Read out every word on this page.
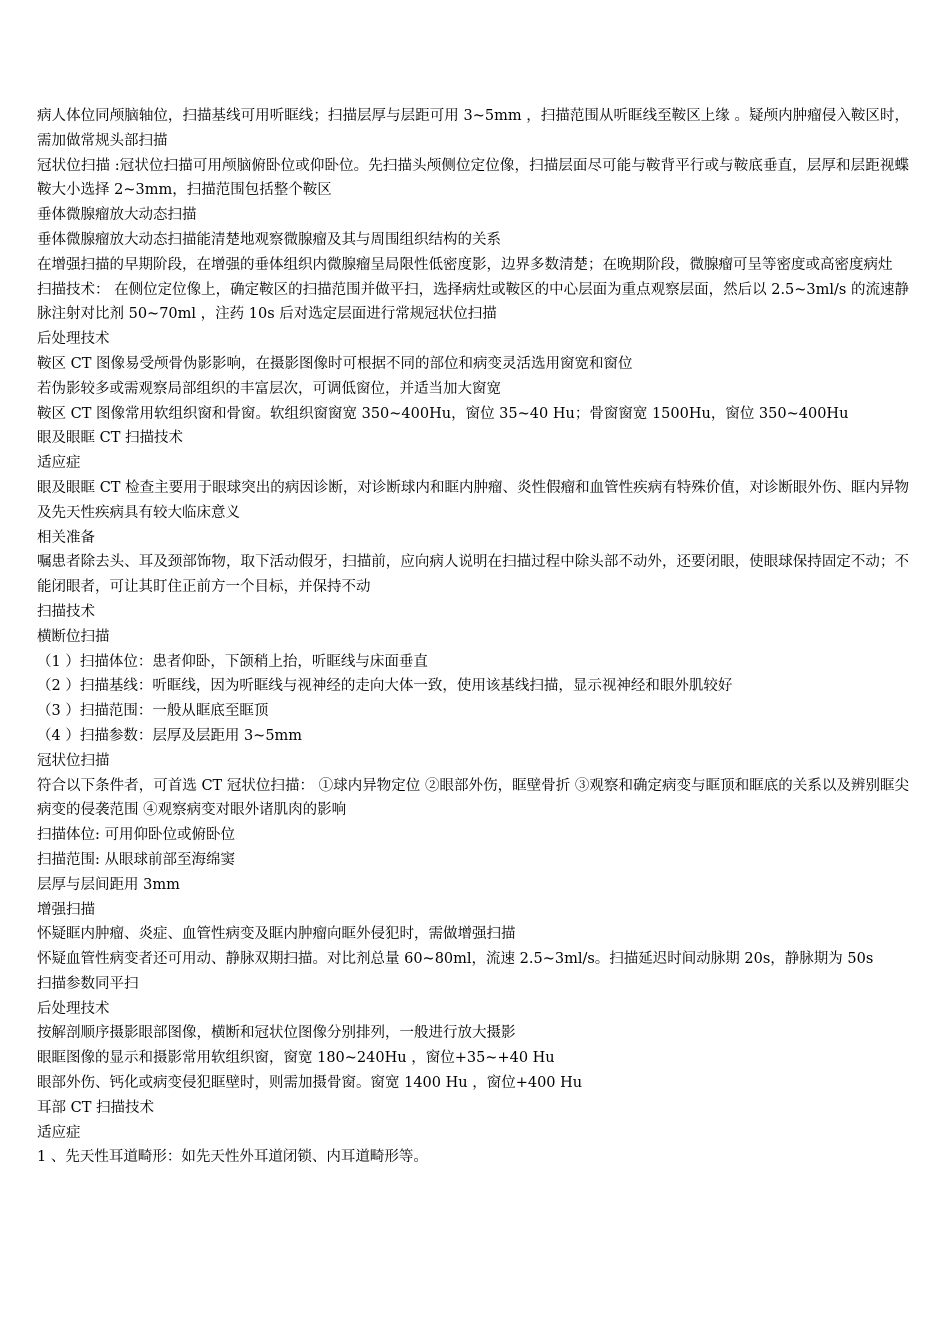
病人体位同颅脑轴位，扫描基线可用听眶线；扫描层厚与层距可用 3~5mm ，扫描范围从听眶线至鞍区上缘 。疑颅内肿瘤侵入鞍区时，需加做常规头部扫描

冠状位扫描 :冠状位扫描可用颅脑俯卧位或仰卧位。先扫描头颅侧位定位像，扫描层面尽可能与鞍背平行或与鞍底垂直，层厚和层距视蝶鞍大小选择 2~3mm，扫描范围包括整个鞍区

垂体微腺瘤放大动态扫描

垂体微腺瘤放大动态扫描能清楚地观察微腺瘤及其与周围组织结构的关系

在增强扫描的早期阶段，在增强的垂体组织内微腺瘤呈局限性低密度影，边界多数清楚；在晚期阶段，微腺瘤可呈等密度或高密度病灶

扫描技术： 在侧位定位像上，确定鞍区的扫描范围并做平扫，选择病灶或鞍区的中心层面为重点观察层面，然后以 2.5~3ml/s 的流速静脉注射对比剂 50~70ml ，注药 10s 后对选定层面进行常规冠状位扫描

后处理技术

鞍区 CT 图像易受颅骨伪影影响，在摄影图像时可根据不同的部位和病变灵活选用窗宽和窗位

若伪影较多或需观察局部组织的丰富层次，可调低窗位，并适当加大窗宽

鞍区 CT 图像常用软组织窗和骨窗。软组织窗窗宽 350~400Hu，窗位 35~40 Hu；骨窗窗宽 1500Hu，窗位 350~400Hu

眼及眼眶 CT 扫描技术

适应症

眼及眼眶 CT 检查主要用于眼球突出的病因诊断，对诊断球内和眶内肿瘤、炎性假瘤和血管性疾病有特殊价值，对诊断眼外伤、眶内异物及先天性疾病具有较大临床意义

相关准备

嘱患者除去头、耳及颈部饰物，取下活动假牙，扫描前，应向病人说明在扫描过程中除头部不动外，还要闭眼，使眼球保持固定不动；不能闭眼者，可让其盯住正前方一个目标，并保持不动

扫描技术

横断位扫描

（1 ）扫描体位：患者仰卧，下颌稍上抬，听眶线与床面垂直

（2 ）扫描基线：听眶线，因为听眶线与视神经的走向大体一致，使用该基线扫描，显示视神经和眼外肌较好

（3 ）扫描范围：一般从眶底至眶顶

（4 ）扫描参数：层厚及层距用 3~5mm

冠状位扫描

符合以下条件者，可首选 CT 冠状位扫描： ①球内异物定位 ②眼部外伤，眶壁骨折 ③观察和确定病变与眶顶和眶底的关系以及辨别眶尖病变的侵袭范围 ④观察病变对眼外诸肌肉的影响

扫描体位: 可用仰卧位或俯卧位

扫描范围: 从眼球前部至海绵窦

层厚与层间距用 3mm

增强扫描

怀疑眶内肿瘤、炎症、血管性病变及眶内肿瘤向眶外侵犯时，需做增强扫描

怀疑血管性病变者还可用动、静脉双期扫描。对比剂总量 60~80ml，流速 2.5~3ml/s。扫描延迟时间动脉期 20s，静脉期为 50s

扫描参数同平扫

后处理技术

按解剖顺序摄影眼部图像，横断和冠状位图像分别排列，一般进行放大摄影

眼眶图像的显示和摄影常用软组织窗，窗宽 180~240Hu ，窗位+35~+40 Hu

眼部外伤、钙化或病变侵犯眶壁时，则需加摄骨窗。窗宽 1400 Hu ，窗位+400 Hu

耳部 CT 扫描技术

适应症

1 、先天性耳道畸形：如先天性外耳道闭锁、内耳道畸形等。
